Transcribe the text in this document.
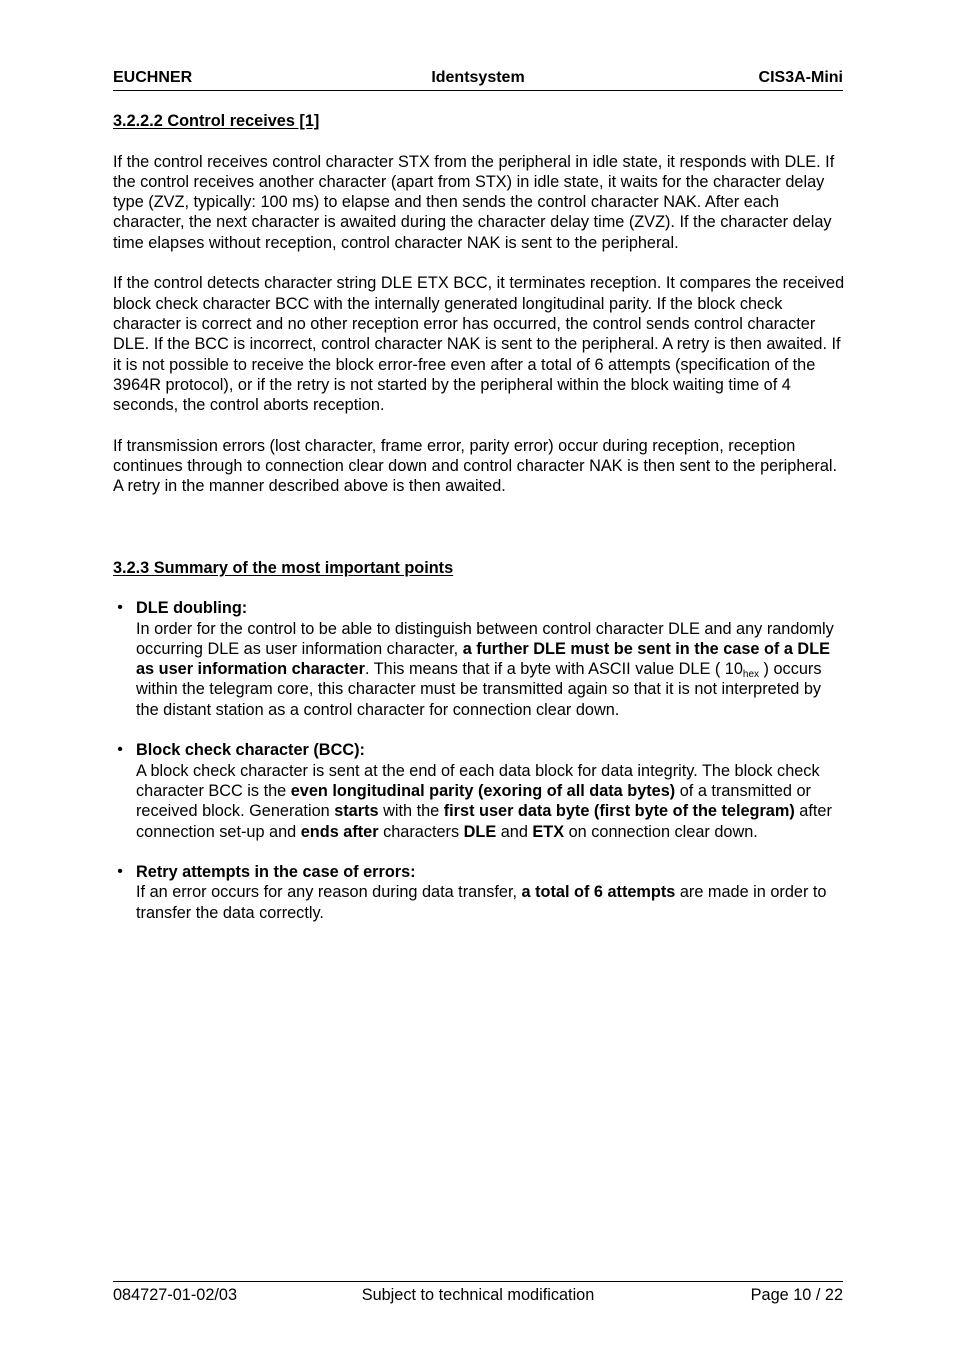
Identsystem
EUCHNER	CIS3A-Mini
3.2.2.2 Control receives [1]

If the control receives control character STX from the peripheral in idle state, it responds with DLE. If the control receives another character (apart from STX) in idle state, it waits for the character delay type (ZVZ, typically: 100 ms) to elapse and then sends the control character NAK. After each character, the next character is awaited during the character delay time (ZVZ). If the character delay time elapses without reception, control character NAK is sent to the peripheral.

If the control detects character string DLE ETX BCC, it terminates reception. It compares the received block check character BCC with the internally generated longitudinal parity. If the block check character is correct and no other reception error has occurred, the control sends control character DLE. If the BCC is incorrect, control character NAK is sent to the peripheral. A retry is then awaited. If it is not possible to receive the block error-free even after a total of 6 attempts (specification of the 3964R protocol), or if the retry is not started by the peripheral within the block waiting time of 4 seconds, the control aborts reception.

If transmission errors (lost character, frame error, parity error) occur during reception, reception continues through to connection clear down and control character NAK is then sent to the peripheral. A retry in the manner described above is then awaited.

3.2.3 Summary of the most important points
• DLE doubling:
In order for the control to be able to distinguish between control character DLE and any randomly occurring DLE as user information character, a further DLE must be sent in the case of a DLE as user information character. This means that if a byte with ASCII value DLE ( $10_{hex}$ ) occurs within the telegram core, this character must be transmitted again so that it is not interpreted by the distant station as a control character for connection clear down.
• Block check character (BCC):
A block check character is sent at the end of each data block for data integrity. The block check character BCC is the even longitudinal parity (exoring of all data bytes) of a transmitted or received block. Generation starts with the first user data byte (first byte of the telegram) after connection set-up and ends after characters DLE and ETX on connection clear down.
• Retry attempts in the case of errors:
If an error occurs for any reason during data transfer, a total of 6 attempts are made in order to transfer the data correctly.
Subject to technical modification
084727-01-02/03	Page 10 / 22
